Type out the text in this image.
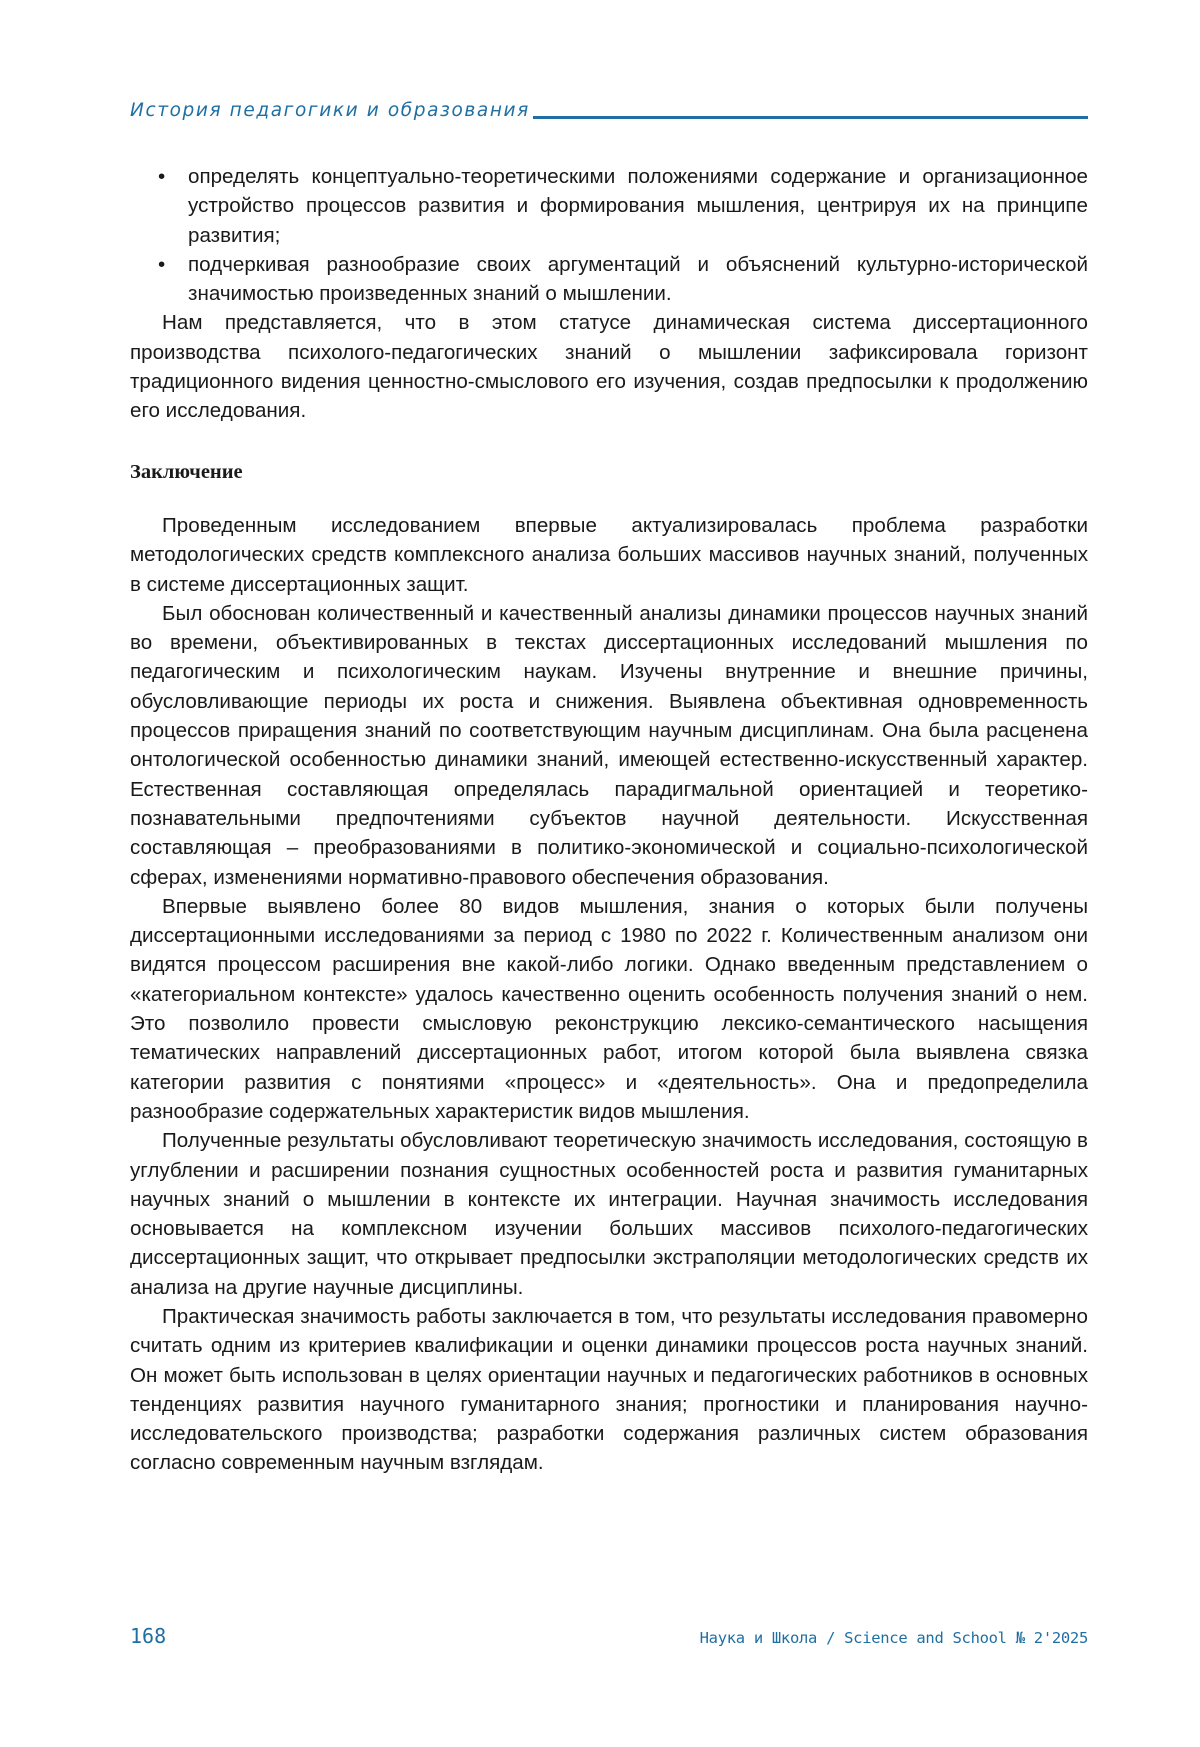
История педагогики и образования
• определять концептуально-теоретическими положениями содержание и организационное устройство процессов развития и формирования мышления, центрируя их на принципе развития;
• подчеркивая разнообразие своих аргументаций и объяснений культурно-исторической значимостью произведенных знаний о мышлении.

Нам представляется, что в этом статусе динамическая система диссертационного производства психолого-педагогических знаний о мышлении зафиксировала горизонт традиционного видения ценностно-смыслового его изучения, создав предпосылки к продолжению его исследования.

Заключение

Проведенным исследованием впервые актуализировалась проблема разработки методологических средств комплексного анализа больших массивов научных знаний, полученных в системе диссертационных защит.

Был обоснован количественный и качественный анализы динамики процессов научных знаний во времени, объективированных в текстах диссертационных исследований мышления по педагогическим и психологическим наукам. Изучены внутренние и внешние причины, обусловливающие периоды их роста и снижения. Выявлена объективная одновременность процессов приращения знаний по соответствующим научным дисциплинам. Она была расценена онтологической особенностью динамики знаний, имеющей естественно-искусственный характер. Естественная составляющая определялась парадигмальной ориентацией и теоретико-познавательными предпочтениями субъектов научной деятельности. Искусственная составляющая – преобразованиями в политико-экономической и социально-психологической сферах, изменениями нормативно-правового обеспечения образования.

Впервые выявлено более 80 видов мышления, знания о которых были получены диссертационными исследованиями за период с 1980 по 2022 г. Количественным анализом они видятся процессом расширения вне какой-либо логики. Однако введенным представлением о «категориальном контексте» удалось качественно оценить особенность получения знаний о нем. Это позволило провести смысловую реконструкцию лексико-семантического насыщения тематических направлений диссертационных работ, итогом которой была выявлена связка категории развития с понятиями «процесс» и «деятельность». Она и предопределила разнообразие содержательных характеристик видов мышления.

Полученные результаты обусловливают теоретическую значимость исследования, состоящую в углублении и расширении познания сущностных особенностей роста и развития гуманитарных научных знаний о мышлении в контексте их интеграции. Научная значимость исследования основывается на комплексном изучении больших массивов психолого-педагогических диссертационных защит, что открывает предпосылки экстраполяции методологических средств их анализа на другие научные дисциплины.

Практическая значимость работы заключается в том, что результаты исследования правомерно считать одним из критериев квалификации и оценки динамики процессов роста научных знаний. Он может быть использован в целях ориентации научных и педагогических работников в основных тенденциях развития научного гуманитарного знания; прогностики и планирования научно-исследовательского производства; разработки содержания различных систем образования согласно современным научным взглядам.

168	Наука и Школа / Science and School № 2'2025
